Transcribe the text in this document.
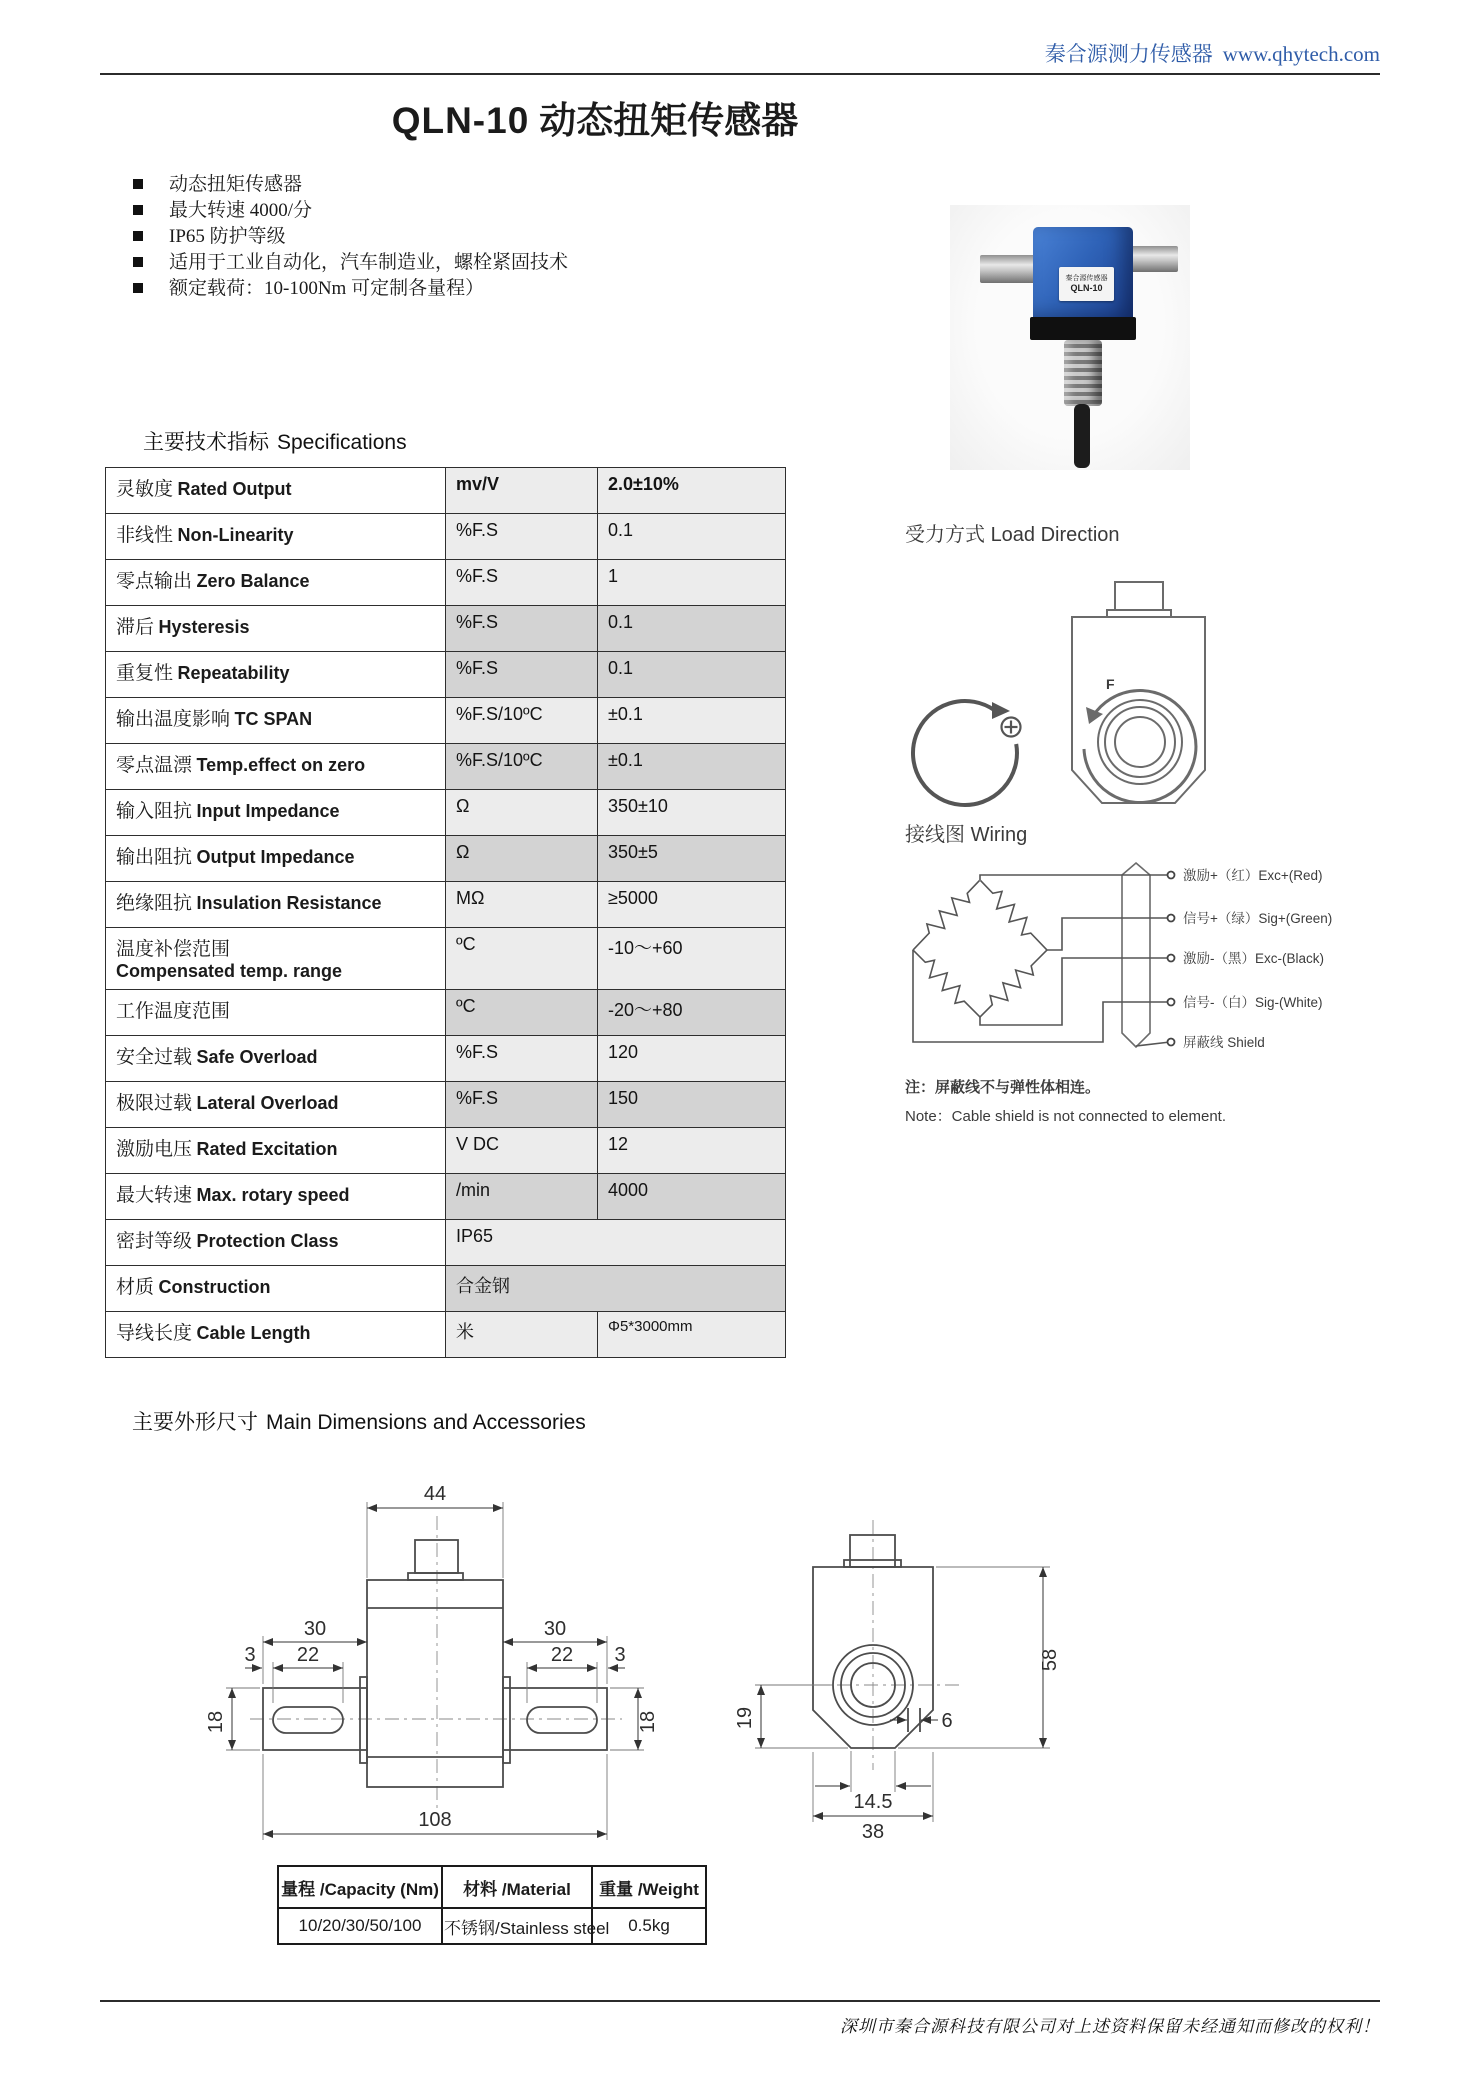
秦合源测力传感器 www.qhytech.com
QLN-10 动态扭矩传感器
动态扭矩传感器
最大转速 4000/分
IP65 防护等级
适用于工业自动化，汽车制造业，螺栓紧固技术
额定载荷：10-100Nm 可定制各量程）	秦合源传感器
QLN-10
主要技术指标 Specifications
灵敏度 Rated Output	mv/V	2.0±10%
非线性 Non-Linearity	%F.S	0.1
零点输出 Zero Balance	%F.S	1
滞后 Hysteresis	%F.S	0.1
重复性 Repeatability	%F.S	0.1
输出温度影响 TC SPAN	%F.S/10ºC	±0.1
零点温漂 Temp.effect on zero	%F.S/10ºC	±0.1
输入阻抗 Input Impedance	Ω	350±10
输出阻抗 Output Impedance	Ω	350±5
绝缘阻抗 Insulation Resistance	MΩ	≥5000
温度补偿范围
Compensated temp. range	ºC	-10～+60
工作温度范围	ºC	-20～+80
安全过载 Safe Overload	%F.S	120
极限过载 Lateral Overload	%F.S	150
激励电压 Rated Excitation	V DC	12
最大转速 Max. rotary speed	/min	4000
密封等级 Protection Class	IP65	
材质 Construction	合金钢	
导线长度 Cable Length	米	Φ5*3000mm
受力方式 Load Direction
F
接线图 Wiring
激励+（红）Exc+(Red)
信号+（绿）Sig+(Green)
激励-（黑）Exc-(Black)
信号-（白）Sig-(White)
屏蔽线 Shield
注：屏蔽线不与弹性体相连。
Note：Cable shield is not connected to element.
主要外形尺寸 Main Dimensions and Accessories
44
30
22
3
18
30
22 3
18
108
58
19	6
14.5
38
量程 /Capacity (Nm)	材料 /Material	重量 /Weight
10/20/30/50/100	不锈钢/Stainless steel	0.5kg
深圳市秦合源科技有限公司对上述资料保留未经通知而修改的权利！
